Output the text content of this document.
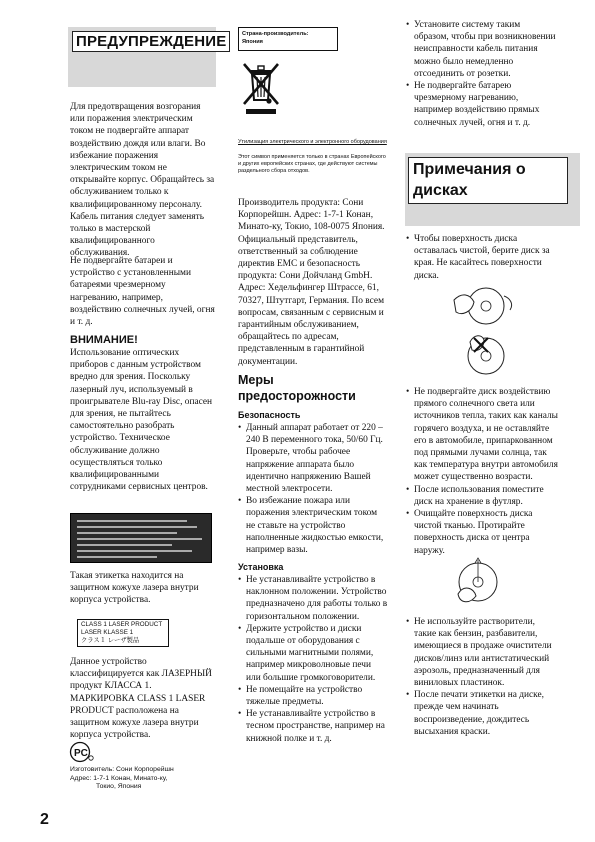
ПРЕДУПРЕЖДЕНИЕ

Для предотвращения возгорания или поражения электрическим током не подвергайте аппарат воздействию дождя или влаги. Во избежание поражения электрическим током не открывайте корпус. Обращайтесь за обслуживанием только к квалифицированному персоналу. Кабель питания следует заменять только в мастерской квалифицированного обслуживания.

Не подвергайте батареи и устройство с установленными батареями чрезмерному нагреванию, например, воздействию солнечных лучей, огня и т. д.

ВНИМАНИЕ!

Использование оптических приборов с данным устройством вредно для зрения. Поскольку лазерный луч, используемый в проигрывателе Blu-ray Disc, опасен для зрения, не пытайтесь самостоятельно разобрать устройство. Техническое обслуживание должно осуществляться только квалифицированными сотрудниками сервисных центров.

Такая этикетка находится на защитном кожухе лазера внутри корпуса устройства.

CLASS 1 LASER PRODUCT
LASER KLASSE 1
クラス１ レーザ製品

Данное устройство классифицируется как ЛАЗЕРНЫЙ продукт КЛАССА 1. МАРКИРОВКА CLASS 1 LASER PRODUCT расположена на защитном кожухе лазера внутри корпуса устройства.

PC
Изготовитель: Сони Корпорейшн
Адрес: 1-7-1 Конан, Минато-ку,
Токио, Япония
2
Страна-производитель:
Япония
Утилизация электрического и электронного оборудования
Этот символ применяется только в странах Европейского и других европейских странах, где действуют системы раздельного сбора отходов.

Производитель продукта: Сони Корпорейшн. Адрес: 1-7-1 Конан, Минато-ку, Токио, 108-0075 Япония. Официальный представитель, ответственный за соблюдение директив EMC и безопасность продукта: Сони Дойчланд GmbH. Адрес: Хедельфингер Штрассе, 61, 70327, Штутгарт, Германия. По всем вопросам, связанным с сервисным и гарантийным обслуживанием, обращайтесь по адресам, представленным в гарантийной документации.

Меры предосторожности
Безопасность
• Данный аппарат работает от 220 – 240 В переменного тока, 50/60 Гц. Проверьте, чтобы рабочее напряжение аппарата было идентично напряжению Вашей местной электросети.
• Во избежание пожара или поражения электрическим током не ставьте на устройство наполненные жидкостью емкости, например вазы.
Установка
• Не устанавливайте устройство в наклонном положении. Устройство предназначено для работы только в горизонтальном положении.
• Держите устройство и диски подальше от оборудования с сильными магнитными полями, например микроволновые печи или большие громкоговорители.
• Не помещайте на устройство тяжелые предметы.
• Не устанавливайте устройство в тесном пространстве, например на книжной полке и т. д.
• Установите систему таким образом, чтобы при возникновении неисправности кабель питания можно было немедленно отсоединить от розетки.
• Не подвергайте батарею чрезмерному нагреванию, например воздействию прямых солнечных лучей, огня и т. д.
Примечания о дисках
• Чтобы поверхность диска оставалась чистой, берите диск за края. Не касайтесь поверхности диска.
• Не подвергайте диск воздействию прямого солнечного света или источников тепла, таких как каналы горячего воздуха, и не оставляйте его в автомобиле, припаркованном под прямыми лучами солнца, так как температура внутри автомобиля может существенно возрасти.
• После использования поместите диск на хранение в футляр.
• Очищайте поверхность диска чистой тканью. Протирайте поверхность диска от центра наружу.
• Не используйте растворители, такие как бензин, разбавители, имеющиеся в продаже очистители дисков/линз или антистатический аэрозоль, предназначенный для виниловых пластинок.
• После печати этикетки на диске, прежде чем начинать воспроизведение, дождитесь высыхания краски.
